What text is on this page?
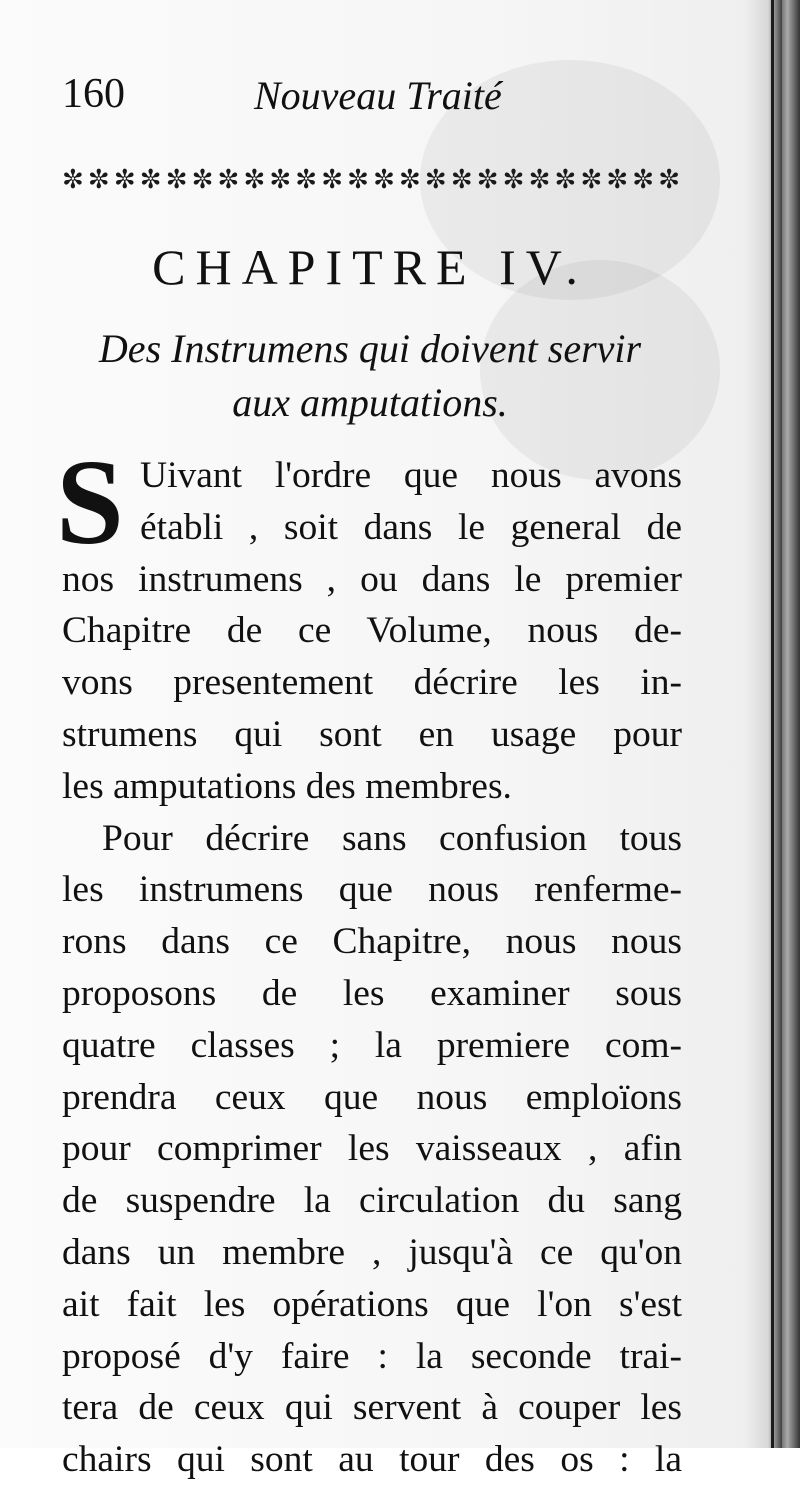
160	Nouveau Traité
✼ ✼ ✼ ✼ ✼ ✼ ✼ ✼ ✼ ✼ ✼ ✼ ✼ ✼ ✼ ✼ ✼ ✼ ✼ ✼ ✼ ✼ ✼ ✼
CHAPITRE IV.
Des Instrumens qui doivent servir
aux amputations.
S Uivant l'ordre que nous avons
établi , soit dans le general de
nos instrumens , ou dans le premier
Chapitre de ce Volume, nous de-
vons presentement décrire les in-
strumens qui sont en usage pour
les amputations des membres.
Pour décrire sans confusion tous
les instrumens que nous renferme-
rons dans ce Chapitre, nous nous
proposons de les examiner sous
quatre classes ; la premiere com-
prendra ceux que nous emploïons
pour comprimer les vaisseaux , afin
de suspendre la circulation du sang
dans un membre , jusqu'à ce qu'on
ait fait les opérations que l'on s'est
proposé d'y faire : la seconde trai-
tera de ceux qui servent à couper les
chairs qui sont au tour des os : la
